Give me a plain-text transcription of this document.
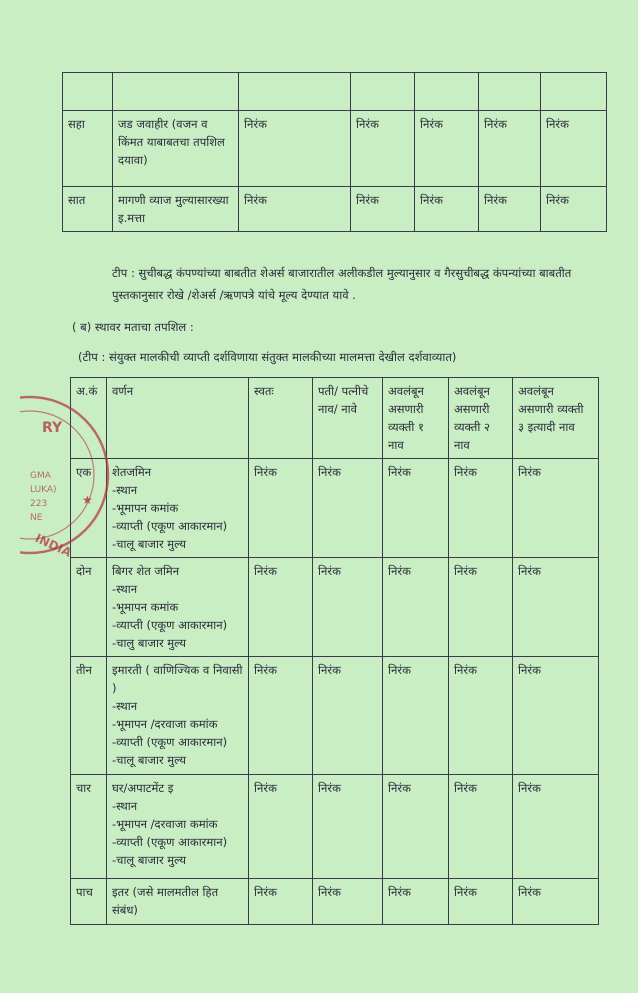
सहा	जड जवाहीर (वजन व किंमत याबाबतचा तपशिल दयावा)	निरंक	निरंक	निरंक	निरंक	निरंक
सात	मागणी व्याज मुल्यासारख्या इ.मत्ता	निरंक	निरंक	निरंक	निरंक	निरंक
टीप : सुचीबद्ध कंपण्यांच्या बाबतीत शेअर्स बाजारातील अलीकडील मुल्यानुसार व गैरसुचीबद्ध कंपन्यांच्या बाबतीत पुस्तकानुसार रोखे /शेअर्स /ऋणपत्रे यांचे मूल्य देण्यात यावे .
( ब) स्थावर मताचा तपशिल :
(टीप : संयुक्त मालकीची व्याप्ती दर्शविणाया संतुक्त मालकीच्या मालमत्ता देखील दर्शवाव्यात)
अ.कं	वर्णन	स्वतः	पती/ पत्नीचे नाव/ नावे	अवलंबून असणारी व्यक्ती १ नाव	अवलंबून असणारी व्यक्ती २ नाव	अवलंबून असणारी व्यक्ती ३ इत्यादी नाव
एक	शेतजमिन
-स्थान
-भूमापन कमांक
-व्याप्ती (एकूण आकारमान)
-चालू बाजार मुल्य	निरंक	निरंक	निरंक	निरंक	निरंक
दोन	बिगर शेत जमिन
-स्थान
-भूमापन कमांक
-व्याप्ती (एकूण आकारमान)
-चालु बाजार मुल्य	निरंक	निरंक	निरंक	निरंक	निरंक
तीन	इमारती ( वाणिज्यिक व निवासी )
-स्थान
-भूमापन /दरवाजा कमांक
-व्याप्ती (एकूण आकारमान)
-चालू बाजार मुल्य	निरंक	निरंक	निरंक	निरंक	निरंक
चार	घर/अपाटमेंट इ
-स्थान
-भूमापन /दरवाजा कमांक
-व्याप्ती (एकूण आकारमान)
-चालू बाजार मुल्य	निरंक	निरंक	निरंक	निरंक	निरंक
पाच	इतर (जसे मालमतील हित संबंध)	निरंक	निरंक	निरंक	निरंक	निरंक
RY
GMA
LUKA)
223
NE
★
INDIA
